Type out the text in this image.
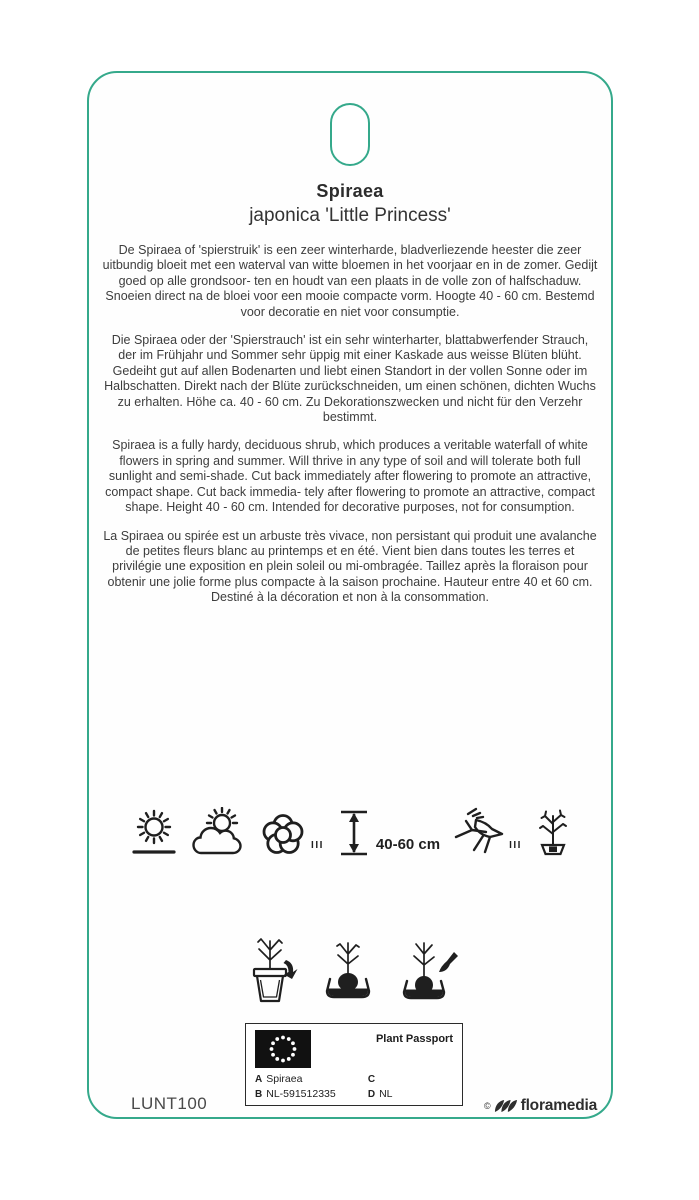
Spiraea
japonica 'Little Princess'

De Spiraea of 'spierstruik' is een zeer winterharde, bladverliezende heester die zeer uitbundig bloeit met een waterval van witte bloemen in het voorjaar en in de zomer. Gedijt goed op alle grondsoor- ten en houdt van een plaats in de volle zon of halfschaduw. Snoeien direct na de bloei voor een mooie compacte vorm. Hoogte 40 - 60 cm. Bestemd voor decoratie en niet voor consumptie.

Die Spiraea oder der 'Spierstrauch' ist ein sehr winterharter, blattabwerfender Strauch, der im Frühjahr und Sommer sehr üppig mit einer Kaskade aus weisse Blüten blüht. Gedeiht gut auf allen Bodenarten und liebt einen Standort in der vollen Sonne oder im Halbschatten. Direkt nach der Blüte zurückschneiden, um einen schönen, dichten Wuchs zu erhalten. Höhe ca. 40 - 60 cm. Zu Dekorationszwecken und nicht für den Verzehr bestimmt.

Spiraea is a fully hardy, deciduous shrub, which produces a veritable waterfall of white flowers in spring and summer. Will thrive in any type of soil and will tolerate both full sunlight and semi-shade. Cut back immediately after flowering to promote an attractive, compact shape. Cut back immedia- tely after flowering to promote an attractive, compact shape. Height 40 - 60 cm. Intended for decorative purposes, not for consumption.

La Spiraea ou spirée est un arbuste très vivace, non persistant qui produit une avalanche de petites fleurs blanc au printemps et en été. Vient bien dans toutes les terres et privilégie une exposition en plein soleil ou mi-ombragée. Taillez après la floraison pour obtenir une jolie forme plus compacte à la saison prochaine. Hauteur entre 40 et 60 cm. Destiné à la décoration et non à la consommation.

III	40-60 cm	III
Plant Passport
A Spiraea	C
B NL-591512335	D NL
LUNT100	© floramedia
